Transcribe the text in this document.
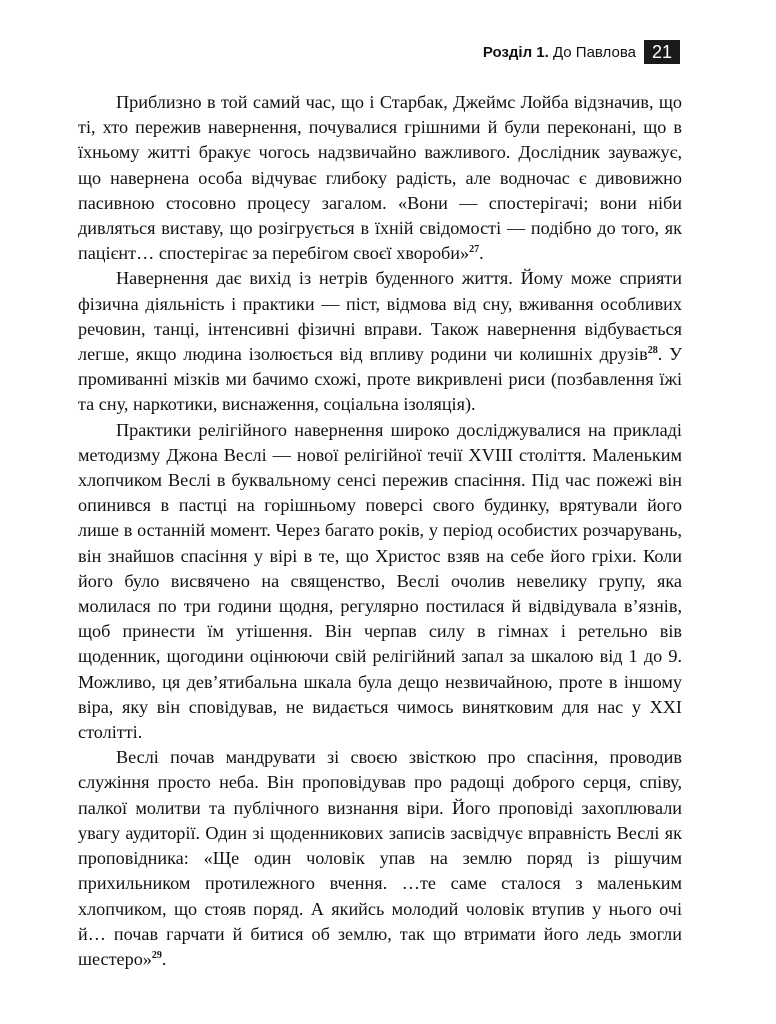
Розділ 1. До Павлова 21

Приблизно в той самий час, що і Старбак, Джеймс Лойба відзначив, що ті, хто пережив навернення, почувалися грішними й були переконані, що в їхньому житті бракує чогось надзвичайно важливого. Дослідник зауважує, що навернена особа відчуває глибоку радість, але водночас є дивовижно пасивною стосовно процесу загалом. «Вони — спостерігачі; вони ніби дивляться виставу, що розігрується в їхній свідомості — подібно до того, як пацієнт… спостерігає за перебігом своєї хвороби»$^{27}$.

Навернення дає вихід із нетрів буденного життя. Йому може сприяти фізична діяльність і практики — піст, відмова від сну, вживання особливих речовин, танці, інтенсивні фізичні вправи. Також навернення відбувається легше, якщо людина ізолюється від впливу родини чи колишніх друзів$^{28}$. У промиванні мізків ми бачимо схожі, проте викривлені риси (позбавлення їжі та сну, наркотики, виснаження, соціальна ізоляція).

Практики релігійного навернення широко досліджувалися на прикладі методизму Джона Веслі — нової релігійної течії XVIII століття. Маленьким хлопчиком Веслі в буквальному сенсі пережив спасіння. Під час пожежі він опинився в пастці на горішньому поверсі свого будинку, врятували його лише в останній момент. Через багато років, у період особистих розчарувань, він знайшов спасіння у вірі в те, що Христос взяв на себе його гріхи. Коли його було висвячено на священство, Веслі очолив невелику групу, яка молилася по три години щодня, регулярно постилася й відвідувала в’язнів, щоб принести їм утішення. Він черпав силу в гімнах і ретельно вів щоденник, щогодини оцінюючи свій релігійний запал за шкалою від 1 до 9. Можливо, ця дев’ятибальна шкала була дещо незвичайною, проте в іншому віра, яку він сповідував, не видається чимось винятковим для нас у XXI столітті.

Веслі почав мандрувати зі своєю звісткою про спасіння, проводив служіння просто неба. Він проповідував про радощі доброго серця, співу, палкої молитви та публічного визнання віри. Його проповіді захоплювали увагу аудиторії. Один зі щоденникових записів засвідчує вправність Веслі як проповідника: «Ще один чоловік упав на землю поряд із рішучим прихильником протилежного вчення. …те саме сталося з маленьким хлопчиком, що стояв поряд. А якийсь молодий чоловік втупив у нього очі й… почав гарчати й битися об землю, так що втримати його ледь змогли шестеро»$^{29}$.
